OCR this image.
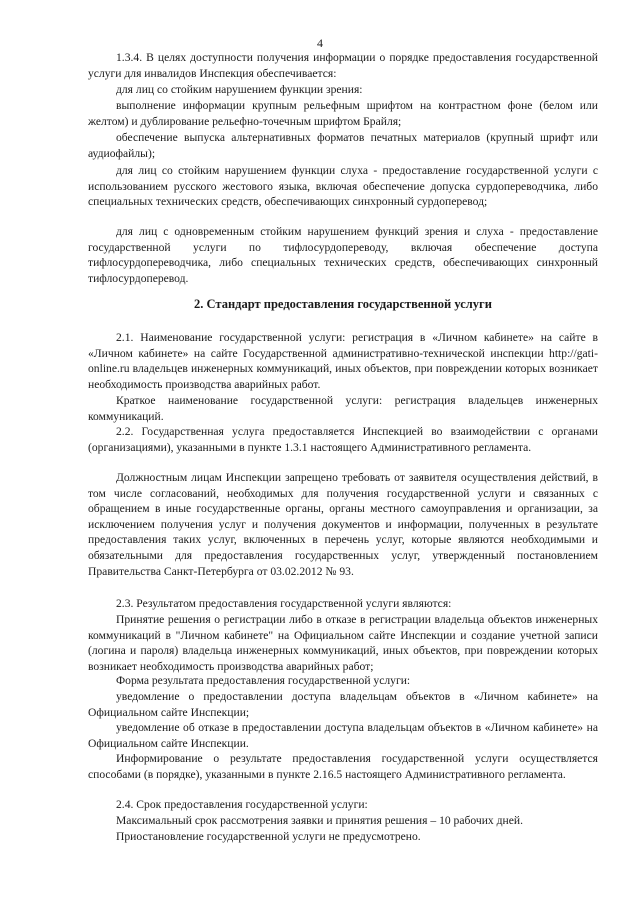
4

1.3.4. В целях доступности получения информации о порядке предоставления государственной услуги для инвалидов Инспекция обеспечивается:

для лиц со стойким нарушением функции зрения:

выполнение информации крупным рельефным шрифтом на контрастном фоне (белом или желтом) и дублирование рельефно-точечным шрифтом Брайля;

обеспечение выпуска альтернативных форматов печатных материалов (крупный шрифт или аудиофайлы);

для лиц со стойким нарушением функции слуха - предоставление государственной услуги с использованием русского жестового языка, включая обеспечение допуска сурдопереводчика, либо специальных технических средств, обеспечивающих синхронный сурдоперевод;

для лиц с одновременным стойким нарушением функций зрения и слуха - предоставление государственной услуги по тифлосурдопереводу, включая обеспечение доступа тифлосурдопереводчика, либо специальных технических средств, обеспечивающих синхронный тифлосурдоперевод.

2. Стандарт предоставления государственной услуги

2.1. Наименование государственной услуги: регистрация в «Личном кабинете» на сайте в «Личном кабинете» на сайте Государственной административно-технической инспекции http://gati-online.ru владельцев инженерных коммуникаций, иных объектов, при повреждении которых возникает необходимость производства аварийных работ.

Краткое наименование государственной услуги: регистрация владельцев инженерных коммуникаций.

2.2. Государственная услуга предоставляется Инспекцией во взаимодействии с органами (организациями), указанными в пункте 1.3.1 настоящего Административного регламента.

Должностным лицам Инспекции запрещено требовать от заявителя осуществления действий, в том числе согласований, необходимых для получения государственной услуги и связанных с обращением в иные государственные органы, органы местного самоуправления и организации, за исключением получения услуг и получения документов и информации, полученных в результате предоставления таких услуг, включенных в перечень услуг, которые являются необходимыми и обязательными для предоставления государственных услуг, утвержденный постановлением Правительства Санкт-Петербурга от 03.02.2012 № 93.

2.3. Результатом предоставления государственной услуги являются:

Принятие решения о регистрации либо в отказе в регистрации владельца объектов инженерных коммуникаций в "Личном кабинете" на Официальном сайте Инспекции и создание учетной записи (логина и пароля) владельца инженерных коммуникаций, иных объектов, при повреждении которых возникает необходимость производства аварийных работ;

Форма результата предоставления государственной услуги:

уведомление о предоставлении доступа владельцам объектов в «Личном кабинете» на Официальном сайте Инспекции;

уведомление об отказе в предоставлении доступа владельцам объектов в «Личном кабинете» на Официальном сайте Инспекции.

Информирование о результате предоставления государственной услуги осуществляется способами (в порядке), указанными в пункте 2.16.5 настоящего Административного регламента.

2.4. Срок предоставления государственной услуги:

Максимальный срок рассмотрения заявки и принятия решения – 10 рабочих дней.

Приостановление государственной услуги не предусмотрено.
